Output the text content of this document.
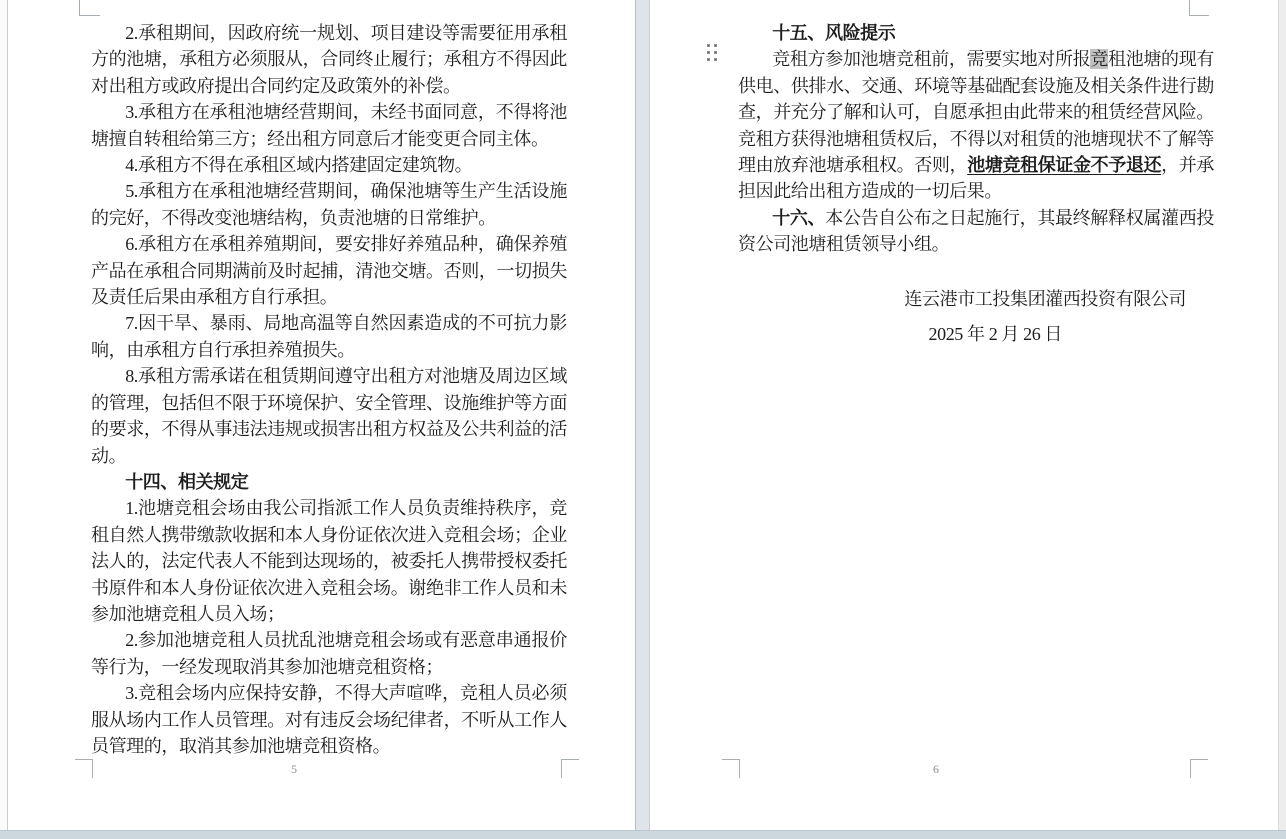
2.承租期间，因政府统一规划、项目建设等需要征用承租方的池塘，承租方必须服从，合同终止履行；承租方不得因此对出租方或政府提出合同约定及政策外的补偿。

3.承租方在承租池塘经营期间，未经书面同意，不得将池塘擅自转租给第三方；经出租方同意后才能变更合同主体。

4.承租方不得在承租区域内搭建固定建筑物。

5.承租方在承租池塘经营期间，确保池塘等生产生活设施的完好，不得改变池塘结构，负责池塘的日常维护。

6.承租方在承租养殖期间，要安排好养殖品种，确保养殖产品在承租合同期满前及时起捕，清池交塘。否则，一切损失及责任后果由承租方自行承担。

7.因干旱、暴雨、局地高温等自然因素造成的不可抗力影响，由承租方自行承担养殖损失。

8.承租方需承诺在租赁期间遵守出租方对池塘及周边区域的管理，包括但不限于环境保护、安全管理、设施维护等方面的要求，不得从事违法违规或损害出租方权益及公共利益的活动。

十四、相关规定

1.池塘竞租会场由我公司指派工作人员负责维持秩序，竞租自然人携带缴款收据和本人身份证依次进入竞租会场；企业法人的，法定代表人不能到达现场的，被委托人携带授权委托书原件和本人身份证依次进入竞租会场。谢绝非工作人员和未参加池塘竞租人员入场；

2.参加池塘竞租人员扰乱池塘竞租会场或有恶意串通报价等行为，一经发现取消其参加池塘竞租资格；

3.竞租会场内应保持安静，不得大声喧哗，竞租人员必须服从场内工作人员管理。对有违反会场纪律者，不听从工作人员管理的，取消其参加池塘竞租资格。

5

十五、风险提示

竞租方参加池塘竞租前，需要实地对所报竞租池塘的现有供电、供排水、交通、环境等基础配套设施及相关条件进行勘查，并充分了解和认可，自愿承担由此带来的租赁经营风险。竞租方获得池塘租赁权后，不得以对租赁的池塘现状不了解等理由放弃池塘承租权。否则，池塘竞租保证金不予退还，并承担因此给出租方造成的一切后果。

十六、本公告自公布之日起施行，其最终解释权属灌西投资公司池塘租赁领导小组。

连云港市工投集团灌西投资有限公司

2025 年 2 月 26 日

6
